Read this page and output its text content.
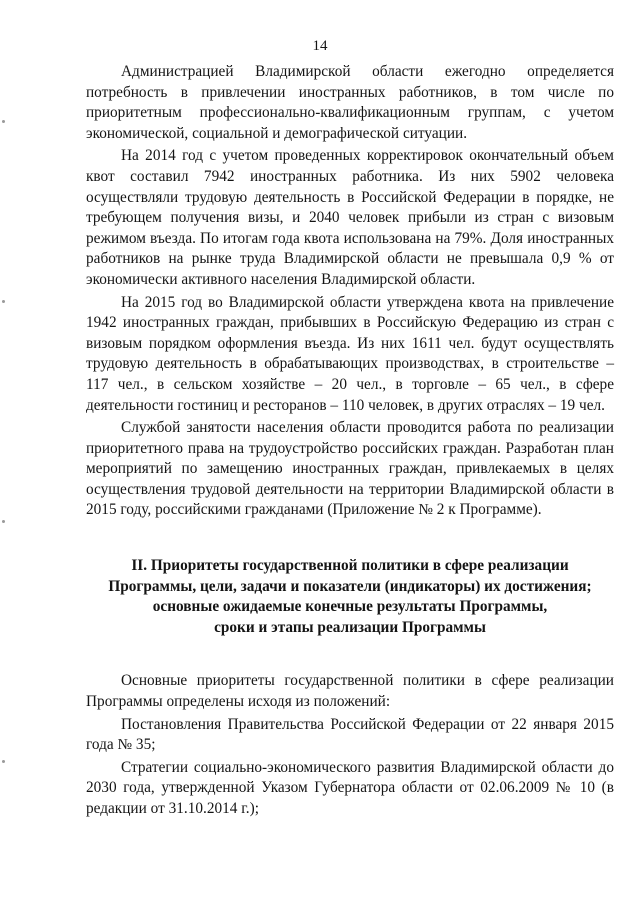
14

Администрацией Владимирской области ежегодно определяется потребность в привлечении иностранных работников, в том числе по приоритетным профессионально-квалификационным группам, с учетом экономической, социальной и демографической ситуации.

На 2014 год с учетом проведенных корректировок окончательный объем квот составил 7942 иностранных работника. Из них 5902 человека осуществляли трудовую деятельность в Российской Федерации в порядке, не требующем получения визы, и 2040 человек прибыли из стран с визовым режимом въезда. По итогам года квота использована на 79%. Доля иностранных работников на рынке труда Владимирской области не превышала 0,9 % от экономически активного населения Владимирской области.

На 2015 год во Владимирской области утверждена квота на привлечение 1942 иностранных граждан, прибывших в Российскую Федерацию из стран с визовым порядком оформления въезда. Из них 1611 чел. будут осуществлять трудовую деятельность в обрабатывающих производствах, в строительстве – 117 чел., в сельском хозяйстве – 20 чел., в торговле – 65 чел., в сфере деятельности гостиниц и ресторанов – 110 человек, в других отраслях – 19 чел.

Службой занятости населения области проводится работа по реализации приоритетного права на трудоустройство российских граждан. Разработан план мероприятий по замещению иностранных граждан, привлекаемых в целях осуществления трудовой деятельности на территории Владимирской области в 2015 году, российскими гражданами (Приложение № 2 к Программе).

II. Приоритеты государственной политики в сфере реализации
Программы, цели, задачи и показатели (индикаторы) их достижения;
основные ожидаемые конечные результаты Программы,
сроки и этапы реализации Программы

Основные приоритеты государственной политики в сфере реализации Программы определены исходя из положений:

Постановления Правительства Российской Федерации от 22 января 2015 года № 35;

Стратегии социально-экономического развития Владимирской области до 2030 года, утвержденной Указом Губернатора области от 02.06.2009 № 10 (в редакции от 31.10.2014 г.);
